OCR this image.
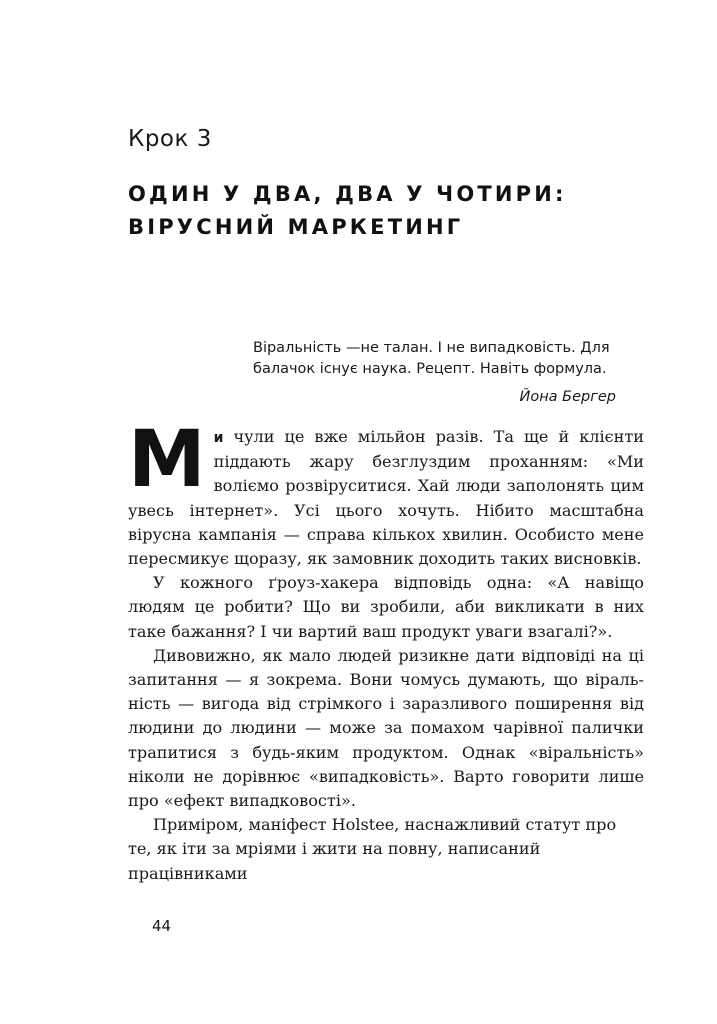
Крок 3
ОДИН У ДВА, ДВА У ЧОТИРИ:
ВІРУСНИЙ МАРКЕТИНГ
Віральність —не талан. І не випадковість. Для балачок існує наука. Рецепт. Навіть формула.
Йона Бергер

Ми чули це вже мільйон разів. Та ще й клієнти піддають жару безглуздим проханням: «Ми воліємо розвіруситися. Хай люди заполонять цим увесь інтернет». Усі цього хочуть. Нібито масштабна вірусна кампанія — справа кількох хвилин. Особисто мене пересмикує щоразу, як замовник доходить таких висновків.

У кожного ґроуз-хакера відповідь одна: «А навіщо людям це робити? Що ви зробили, аби викликати в них таке бажання? І чи вартий ваш продукт уваги взагалі?».

Дивовижно, як мало людей ризикне дати відповіді на ці запитання — я зокрема. Вони чомусь думають, що віральність — вигода від стрімкого і заразливого поширення від людини до людини — може за помахом чарівної палички трапитися з будь-яким продуктом. Однак «віральність» ніколи не дорівнює «випадковість». Варто говорити лише про «ефект випадковості».

Приміром, маніфест Holstee, наснажливий статут про те, як іти за мріями і жити на повну, написаний працівниками

44
